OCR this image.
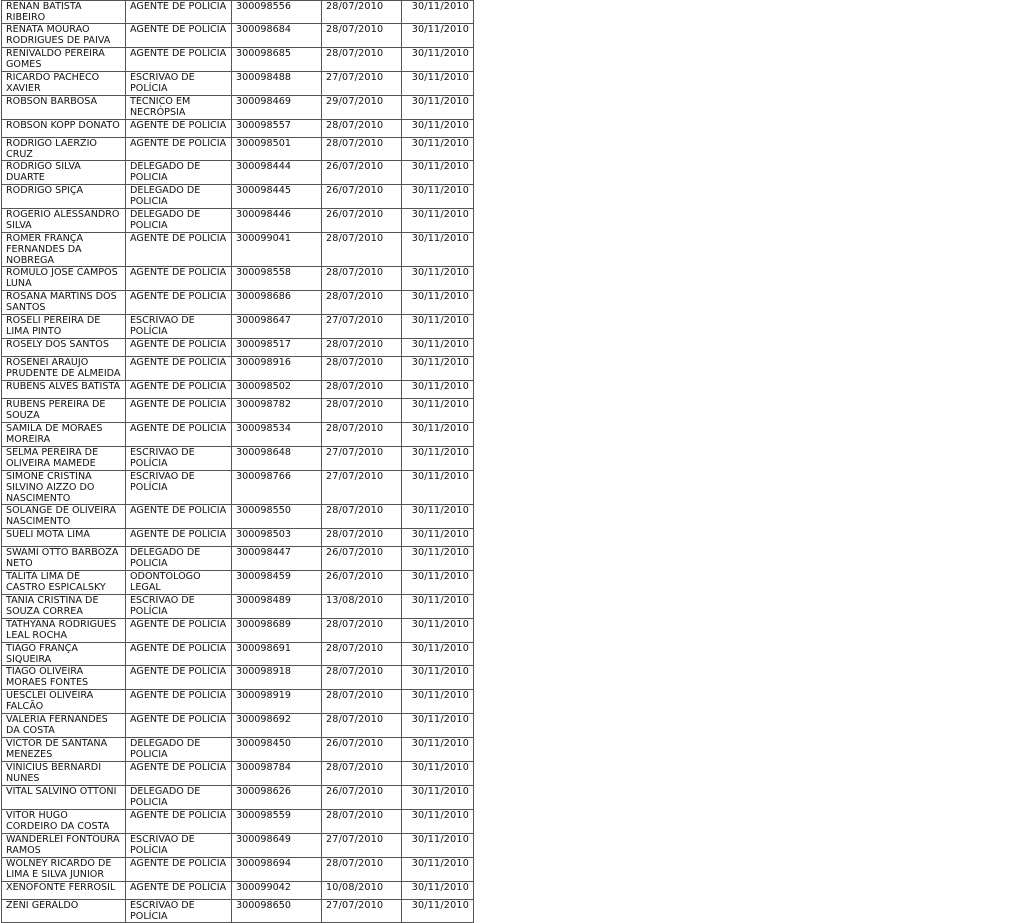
RENAN BATISTA RIBEIRO	AGENTE DE POLÍCIA	300098556	28/07/2010	30/11/2010
RENATA MOURAO RODRIGUES DE PAIVA	AGENTE DE POLÍCIA	300098684	28/07/2010	30/11/2010
RENIVALDO PEREIRA GOMES	AGENTE DE POLÍCIA	300098685	28/07/2010	30/11/2010
RICARDO PACHECO XAVIER	ESCRIVÃO DE POLÍCIA	300098488	27/07/2010	30/11/2010
ROBSON BARBOSA	TÉCNICO EM NECRÓPSIA	300098469	29/07/2010	30/11/2010
ROBSON KOPP DONATO	AGENTE DE POLÍCIA	300098557	28/07/2010	30/11/2010
RODRIGO LAERZIO CRUZ	AGENTE DE POLÍCIA	300098501	28/07/2010	30/11/2010
RODRIGO SILVA DUARTE	DELEGADO DE POLICIA	300098444	26/07/2010	30/11/2010
RODRIGO SPIÇA	DELEGADO DE POLICIA	300098445	26/07/2010	30/11/2010
ROGERIO ALESSANDRO SILVA	DELEGADO DE POLICIA	300098446	26/07/2010	30/11/2010
ROMER FRANÇA FERNANDES DA NOBREGA	AGENTE DE POLÍCIA	300099041	28/07/2010	30/11/2010
ROMULO JOSE CAMPOS LUNA	AGENTE DE POLÍCIA	300098558	28/07/2010	30/11/2010
ROSANA MARTINS DOS SANTOS	AGENTE DE POLÍCIA	300098686	28/07/2010	30/11/2010
ROSELI PEREIRA DE LIMA PINTO	ESCRIVÃO DE POLÍCIA	300098647	27/07/2010	30/11/2010
ROSELY DOS SANTOS	AGENTE DE POLÍCIA	300098517	28/07/2010	30/11/2010
ROSENEI ARAUJO PRUDENTE DE ALMEIDA	AGENTE DE POLÍCIA	300098916	28/07/2010	30/11/2010
RUBENS ALVES BATISTA	AGENTE DE POLÍCIA	300098502	28/07/2010	30/11/2010
RUBENS PEREIRA DE SOUZA	AGENTE DE POLÍCIA	300098782	28/07/2010	30/11/2010
SAMILA DE MORAES MOREIRA	AGENTE DE POLÍCIA	300098534	28/07/2010	30/11/2010
SELMA PEREIRA DE OLIVEIRA MAMEDE	ESCRIVÃO DE POLÍCIA	300098648	27/07/2010	30/11/2010
SIMONE CRISTINA SILVINO AIZZO DO NASCIMENTO	ESCRIVÃO DE POLÍCIA	300098766	27/07/2010	30/11/2010
SOLANGE DE OLIVEIRA NASCIMENTO	AGENTE DE POLÍCIA	300098550	28/07/2010	30/11/2010
SUELI MOTA LIMA	AGENTE DE POLÍCIA	300098503	28/07/2010	30/11/2010
SWAMI OTTO BARBOZA NETO	DELEGADO DE POLICIA	300098447	26/07/2010	30/11/2010
TALITA LIMA DE CASTRO ESPICALSKY	ODONTÓLOGO LEGAL	300098459	26/07/2010	30/11/2010
TANIA CRISTINA DE SOUZA CORREA	ESCRIVÃO DE POLÍCIA	300098489	13/08/2010	30/11/2010
TATHYANA RODRIGUES LEAL ROCHA	AGENTE DE POLÍCIA	300098689	28/07/2010	30/11/2010
TIAGO FRANÇA SIQUEIRA	AGENTE DE POLÍCIA	300098691	28/07/2010	30/11/2010
TIAGO OLIVEIRA MORAES FONTES	AGENTE DE POLÍCIA	300098918	28/07/2010	30/11/2010
UESCLEI OLIVEIRA FALCÃO	AGENTE DE POLÍCIA	300098919	28/07/2010	30/11/2010
VALERIA FERNANDES DA COSTA	AGENTE DE POLÍCIA	300098692	28/07/2010	30/11/2010
VICTOR DE SANTANA MENEZES	DELEGADO DE POLICIA	300098450	26/07/2010	30/11/2010
VINICIUS BERNARDI NUNES	AGENTE DE POLÍCIA	300098784	28/07/2010	30/11/2010
VITAL SALVINO OTTONI	DELEGADO DE POLICIA	300098626	26/07/2010	30/11/2010
VITOR HUGO CORDEIRO DA COSTA	AGENTE DE POLÍCIA	300098559	28/07/2010	30/11/2010
WANDERLEI FONTOURA RAMOS	ESCRIVÃO DE POLÍCIA	300098649	27/07/2010	30/11/2010
WOLNEY RICARDO DE LIMA E SILVA JUNIOR	AGENTE DE POLÍCIA	300098694	28/07/2010	30/11/2010
XENOFONTE FERROSIL	AGENTE DE POLÍCIA	300099042	10/08/2010	30/11/2010
ZENI GERALDO	ESCRIVÃO DE POLÍCIA	300098650	27/07/2010	30/11/2010
